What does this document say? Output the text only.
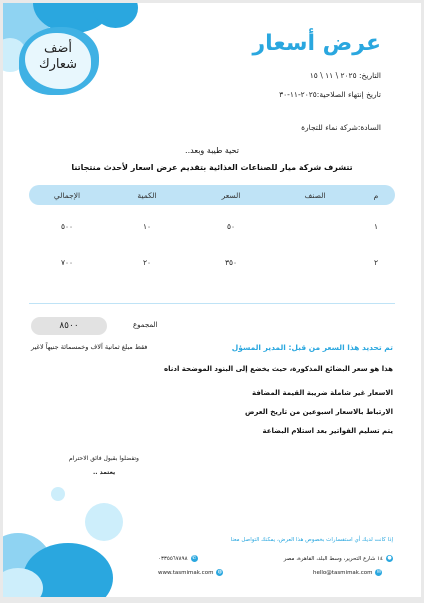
أضف
شعارك
عرض أسعار
التاريخ: ٢٠٢٥ \ ١١ \ ١٥
تاريخ إنتهاء الصلاحية:٢٠٢٥-١١-٣٠
السادة:شركة نماء للتجارة
تحية طيبة وبعد..
تتشرف شركة ميار للصناعات الغذائية بتقديم عرض اسعار لأحدث منتجاتنا
م	الصنف	السعر	الكمية	الإجمالي
١		٥٠	١٠	٥٠٠
٢		٣٥٠	٢٠	٧٠٠
المجموع
٨٥٠٠
فقط مبلغ ثمانية آلاف وخمسمائة جنيهاً لاغير	تم تحديد هذا السعر من قبل: المدير المسؤل
هذا هو سعر البضائع المذكورة، حيث يخضع إلى البنود الموضحة ادناه
الاسعار غير شاملة ضريبة القيمة المضافة
الارتباط بالاسعار اسبوعين من تاريخ العرض
يتم تسليم الفواتير بعد استلام البضاعة
وتفضلوا بقبول فائق الاحترام
يعتمد ..
إذا كانت لديك أي استفسارات بخصوص هذا العرض، يمكنك التواصل معنا
●
١٤ شارع التحرير، وسط البلد، القاهرة، مصر
٠٣٣٥٥٦٧٨٩٨ ✆
hello@tasmimak.com ✉
www.tasmimak.com ◍
